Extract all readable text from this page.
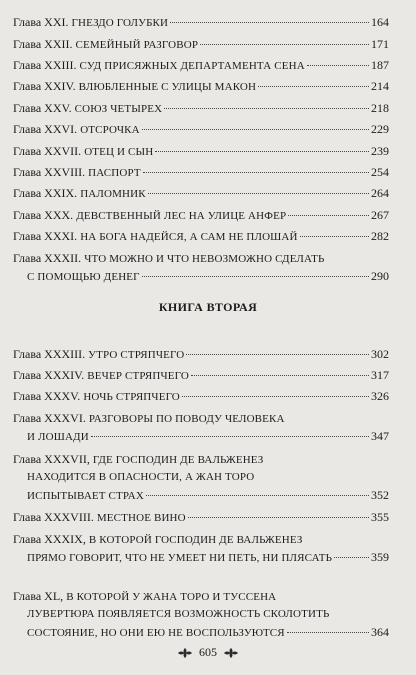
Глава XXI.
ГНЕЗДО ГОЛУБКИ	164
Глава XXII.
СЕМЕЙНЫЙ РАЗГОВОР	171
Глава XXIII.
СУД ПРИСЯЖНЫХ ДЕПАРТАМЕНТА СЕНА	187
Глава XXIV.
ВЛЮБЛЕННЫЕ С УЛИЦЫ МАКОН	214
Глава XXV.
СОЮЗ ЧЕТЫРЕХ	218
Глава XXVI.
ОТСРОЧКА	229
Глава XXVII.
ОТЕЦ И СЫН	239
Глава XXVIII.
ПАСПОРТ	254
Глава XXIX.
ПАЛОМНИК	264
Глава XXX.
ДЕВСТВЕННЫЙ ЛЕС НА УЛИЦЕ АНФЕР	267
Глава XXXI.
НА БОГА НАДЕЙСЯ, А САМ НЕ ПЛОШАЙ	282
Глава XXXII.
ЧТО МОЖНО И ЧТО НЕВОЗМОЖНО СДЕЛАТЬ
С ПОМОЩЬЮ ДЕНЕГ	290
КНИГА ВТОРАЯ
Глава XXXIII.
УТРО СТРЯПЧЕГО	302
Глава XXXIV.
ВЕЧЕР СТРЯПЧЕГО	317
Глава XXXV.
НОЧЬ СТРЯПЧЕГО	326
Глава XXXVI.
РАЗГОВОРЫ ПО ПОВОДУ ЧЕЛОВЕКА
И ЛОШАДИ	347
Глава XXXVII,
ГДЕ ГОСПОДИН ДЕ ВАЛЬЖЕНЕЗ
НАХОДИТСЯ В ОПАСНОСТИ, А ЖАН ТОРО
ИСПЫТЫВАЕТ СТРАХ	352
Глава XXXVIII.
МЕСТНОЕ ВИНО	355
Глава XXXIX,
В КОТОРОЙ ГОСПОДИН ДЕ ВАЛЬЖЕНЕЗ
ПРЯМО ГОВОРИТ, ЧТО НЕ УМЕЕТ НИ ПЕТЬ, НИ ПЛЯСАТЬ	359
Глава XL,
В КОТОРОЙ У ЖАНА ТОРО И ТУССЕНА
ЛУВЕРТЮРА ПОЯВЛЯЕТСЯ ВОЗМОЖНОСТЬ СКОЛОТИТЬ
СОСТОЯНИЕ, НО ОНИ ЕЮ НЕ ВОСПОЛЬЗУЮТСЯ	364
605
